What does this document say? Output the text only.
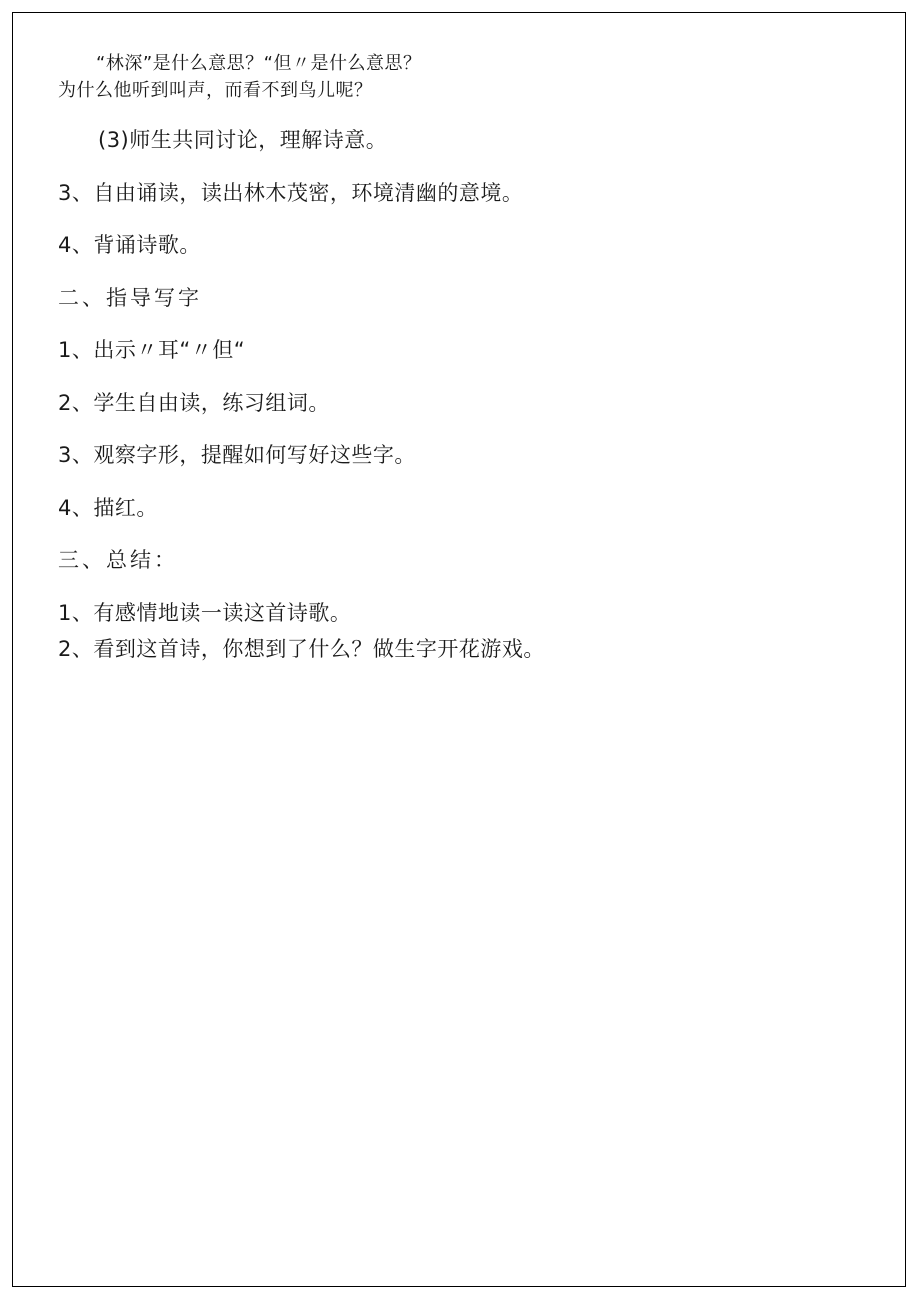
“林深”是什么意思？“但〃是什么意思？
为什么他听到叫声，而看不到鸟儿呢？
(3)师生共同讨论，理解诗意。
3、自由诵读，读出林木茂密，环境清幽的意境。
4、背诵诗歌。
二、指导写字
1、出示〃耳“〃但“
2、学生自由读，练习组词。
3、观察字形，提醒如何写好这些字。
4、描红。
三、总结：
1、有感情地读一读这首诗歌。
2、看到这首诗，你想到了什么？做生字开花游戏。
